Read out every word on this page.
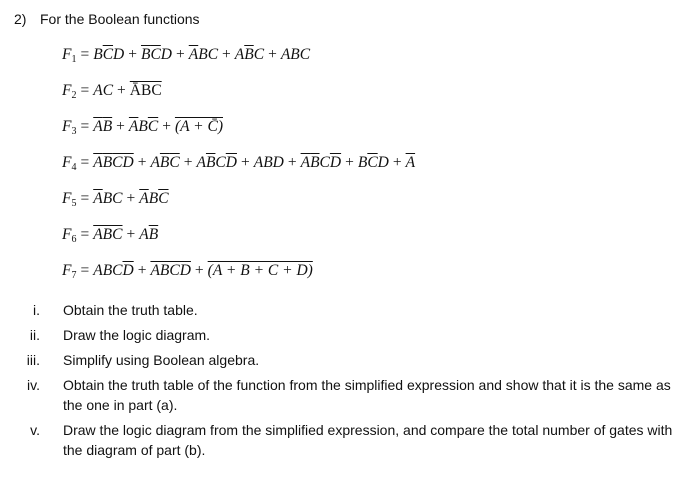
2) For the Boolean functions
$F_1 = B\overline{C}D + \overline{B}\overline{C}D + \overline{A}BC + A\overline{B}C$ + ABC
$F_2$ = AC + $\overline{ĀBC}$
$F_3 = \overline{A}\overline{B} + \overline{A}B\overline{C} + (A$ + C̄)
$F_4 = \overline{A}\overline{B}\overline{C}\overline{D} + A\overline{B}\overline{C} + A\overline{B}C\overline{D}$ + ABD + $\overline{A}\overline{B}C\overline{D} + B\overline{C}D + \overline{A}$
$F_5 = \overline{A}BC + \overline{A}B\overline{C}$
$F_6 = \overline{ABC} + A\overline{B}$
$F_7 = ABC\overline{D}$ + ABCD + (A + B + C + D)
i. Obtain the truth table.
ii. Draw the logic diagram.
iii. Simplify using Boolean algebra.
iv. Obtain the truth table of the function from the simplified expression and show that it is the same as the one in part (a).
v. Draw the logic diagram from the simplified expression, and compare the total number of gates with the diagram of part (b).
